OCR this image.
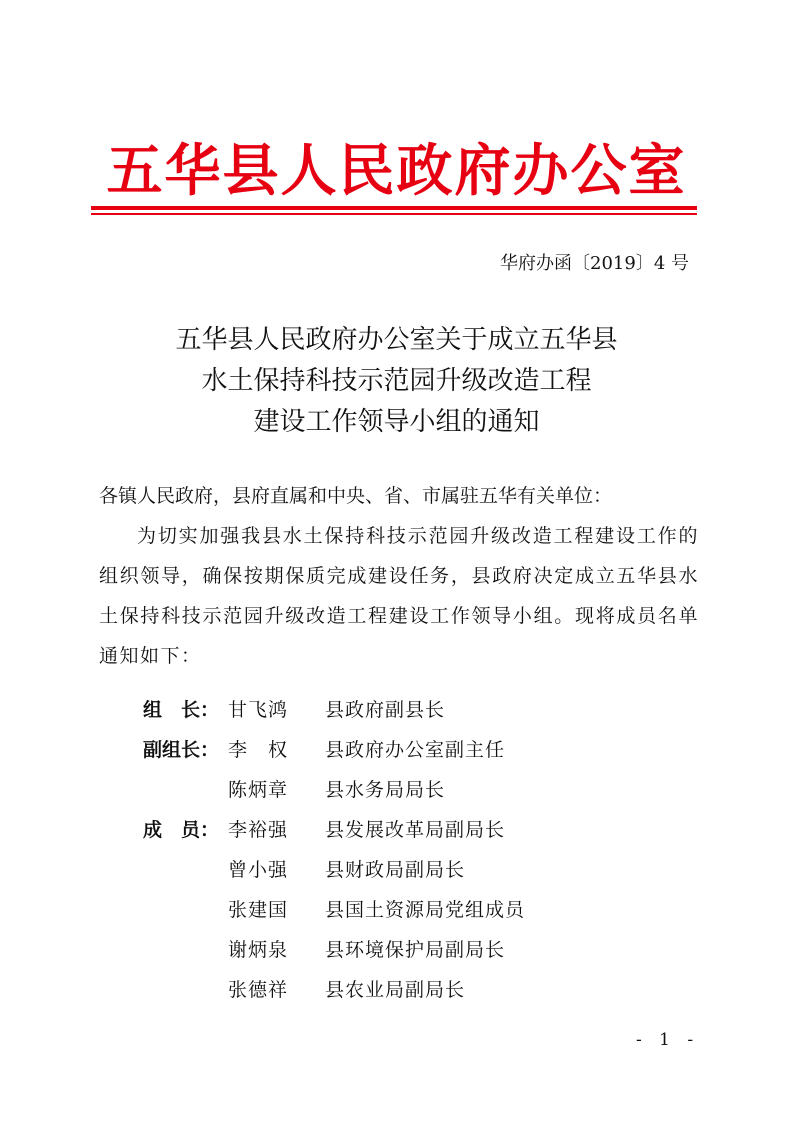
五华县人民政府办公室
华府办函〔2019〕4 号
五华县人民政府办公室关于成立五华县
水土保持科技示范园升级改造工程
建设工作领导小组的通知
各镇人民政府，县府直属和中央、省、市属驻五华有关单位：
为切实加强我县水土保持科技示范园升级改造工程建设工作的组织领导，确保按期保质完成建设任务，县政府决定成立五华县水土保持科技示范园升级改造工程建设工作领导小组。现将成员名单通知如下：
组　长： 甘飞鸿 县政府副县长
副组长： 李　权 县政府办公室副主任
陈炳章 县水务局局长
成　员： 李裕强 县发展改革局副局长
曾小强 县财政局副局长
张建国 县国土资源局党组成员
谢炳泉 县环境保护局副局长
张德祥 县农业局副局长
- 1 -
